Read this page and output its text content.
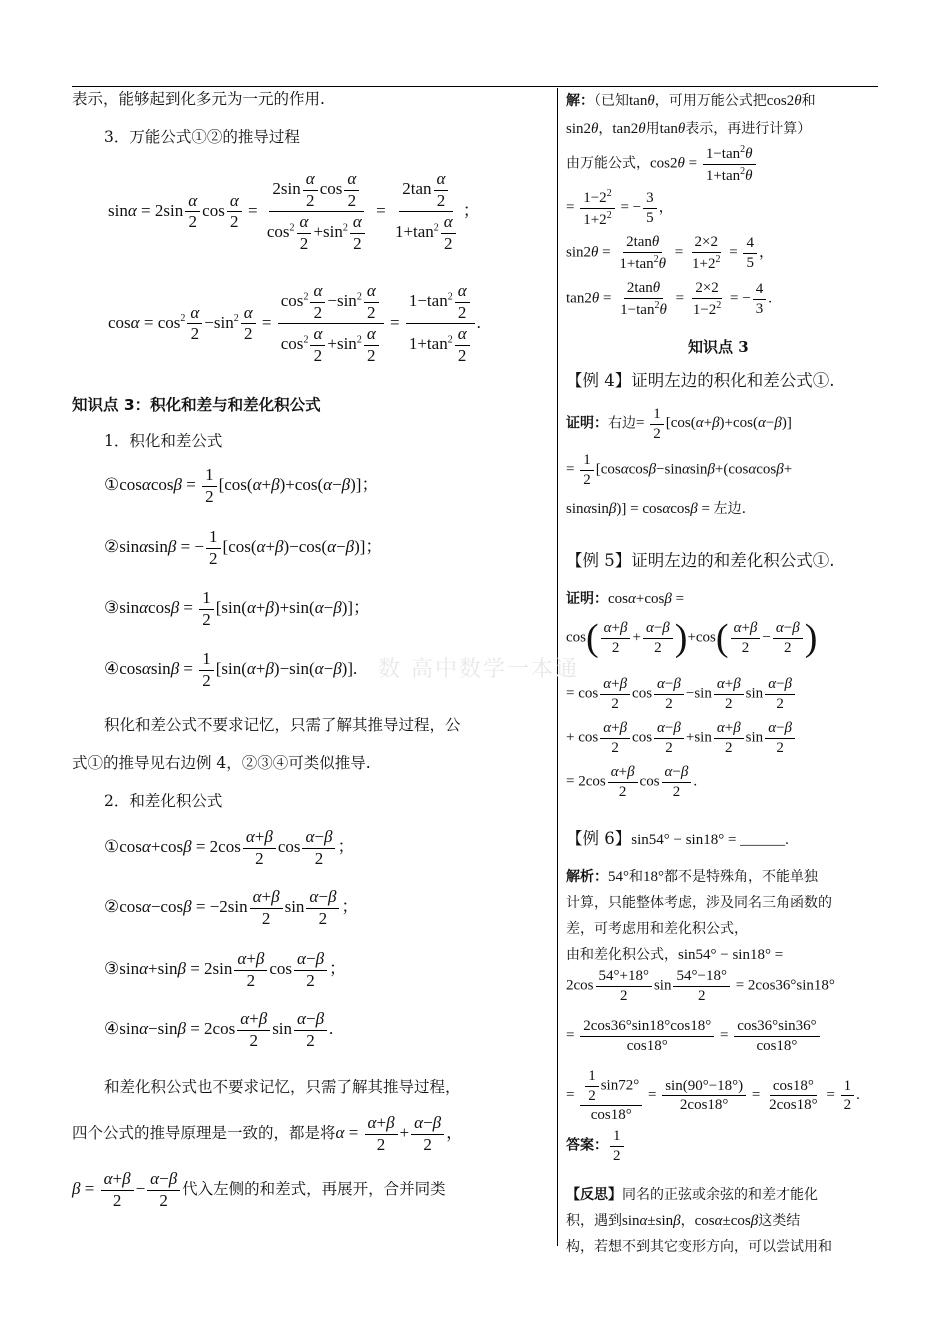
数 高中数学一本通
表示，能够起到化多元为一元的作用.
3．万能公式①②的推导过程
$\sin\alpha = 2\sin \frac{\alpha}{2}$ $\cos \frac{\alpha}{2} = \frac{2\sin \frac{\alpha}{2} \cos \frac{\alpha}{2}}{\cos^2 \frac{\alpha}{2} +\sin^2 \frac{\alpha}{2}} = \frac{2\tan \frac{\alpha}{2}}{1+\tan^2 \frac{\alpha}{2}}$ ；
$\cos\alpha = \cos^2 \frac{\alpha}{2} -\sin^2 \frac{\alpha}{2} = \frac{\cos^2 \frac{\alpha}{2} -\sin^2 \frac{\alpha}{2}}{\cos^2 \frac{\alpha}{2} +\sin^2 \frac{\alpha}{2}} = \frac{1-\tan^2 \frac{\alpha}{2}}{1+\tan^2 \frac{\alpha}{2}}$ .
知识点 3：积化和差与和差化积公式
1．积化和差公式
①cosαcosβ = $\frac{1}{2} [\cos(\alpha+\beta)+\cos(\alpha-\beta)]$；
②sinαsinβ = − $\frac{1}{2} [\cos(\alpha+\beta)-\cos(\alpha-\beta)]$；
③sinαcosβ = $\frac{1}{2} [\sin(\alpha+\beta)+\sin(\alpha-\beta)]$；
④cosαsinβ = $\frac{1}{2} [\sin(\alpha+\beta)-\sin(\alpha-\beta)]$.
积化和差公式不要求记忆，只需了解其推导过程，公
式①的推导见右边例 4，②③④可类似推导.
2．和差化积公式
①cosα+cosβ = $2\cos \frac{\alpha+\beta}{2}$ $\cos \frac{\alpha-\beta}{2}$ ；
②cosα−cosβ = $-2\sin \frac{\alpha+\beta}{2}$ $\sin \frac{\alpha-\beta}{2}$ ；
③sinα+sinβ = $2\sin \frac{\alpha+\beta}{2}$ $\cos \frac{\alpha-\beta}{2}$ ；
④sinα−sinβ = $2\cos \frac{\alpha+\beta}{2}$ $\sin \frac{\alpha-\beta}{2}$ .
和差化积公式也不要求记忆，只需了解其推导过程，
四个公式的推导原理是一致的，都是将$\alpha = \frac{\alpha+\beta}{2} + \frac{\alpha-\beta}{2}$ ，
$\beta = \frac{\alpha+\beta}{2} - \frac{\alpha-\beta}{2}$ 代入左侧的和差式，再展开，合并同类
解：（已知tanθ，可用万能公式把cos2θ和
sin2θ，tan2θ用tanθ表示，再进行计算）
由万能公式，$\cos 2\theta = \frac{1-\tan^2\theta}{1+\tan^2\theta}$
= $\frac{1-2^2}{1+2^2}$ = − $\frac{3}{5}$ ，
$\sin 2\theta = \frac{2\tan\theta}{1+\tan^2\theta} = \frac{2\times 2}{1+2^2} = \frac{4}{5}$ ，
$\tan 2\theta = \frac{2\tan\theta}{1-\tan^2\theta} = \frac{2\times 2}{1-2^2}$ = − $\frac{4}{3}$ .
知识点 3
【例 4】证明左边的积化和差公式①.
证明：右边= $\frac{1}{2} [\cos(\alpha+\beta)+\cos(\alpha-\beta)]$
= $\frac{1}{2} [\cos\alpha\cos\beta-\sin\alpha\sin\beta+(\cos\alpha\cos\beta+$
sinαsinβ)] = cosαcosβ = 左边.
【例 5】证明左边的和差化积公式①.
证明：cosα+cosβ =
$\cos( \frac{\alpha+\beta}{2} + \frac{\alpha-\beta}{2} )+\cos( \frac{\alpha+\beta}{2} - \frac{\alpha-\beta}{2}$ )
= $\cos \frac{\alpha+\beta}{2}$ $\cos \frac{\alpha-\beta}{2} -\sin \frac{\alpha+\beta}{2}$ $\sin \frac{\alpha-\beta}{2}$
+ $\cos \frac{\alpha+\beta}{2}$ $\cos \frac{\alpha-\beta}{2} +\sin \frac{\alpha+\beta}{2}$ $\sin \frac{\alpha-\beta}{2}$
= $2\cos \frac{\alpha+\beta}{2}$ $\cos \frac{\alpha-\beta}{2}$ .
【例 6】sin54° − sin18° = ______.
解析：54°和18°都不是特殊角，不能单独
计算，只能整体考虑，涉及同名三角函数的
差，可考虑用和差化积公式，
由和差化积公式，sin54° − sin18° =
$2\cos \frac{54^\circ+18^\circ}{2}$ $\sin \frac{54^\circ-18^\circ}{2} = 2\cos 36^\circ\sin 18^\circ$
= $\frac{2\cos 36^\circ\sin 18^\circ\cos 18^\circ}{\cos 18^\circ} = \frac{\cos 36^\circ\sin 36^\circ}{\cos 18^\circ}$
= $\frac{\frac{1}{2} \sin 72^\circ}{\cos 18^\circ} = \frac{\sin(90^\circ-18^\circ)}{2\cos 18^\circ} = \frac{\cos 18^\circ}{2\cos 18^\circ} = \frac{1}{2}$ .
答案： $\frac{1}{2}$
【反思】同名的正弦或余弦的和差才能化
积，遇到sinα±sinβ，cosα±cosβ这类结
构，若想不到其它变形方向，可以尝试用和
